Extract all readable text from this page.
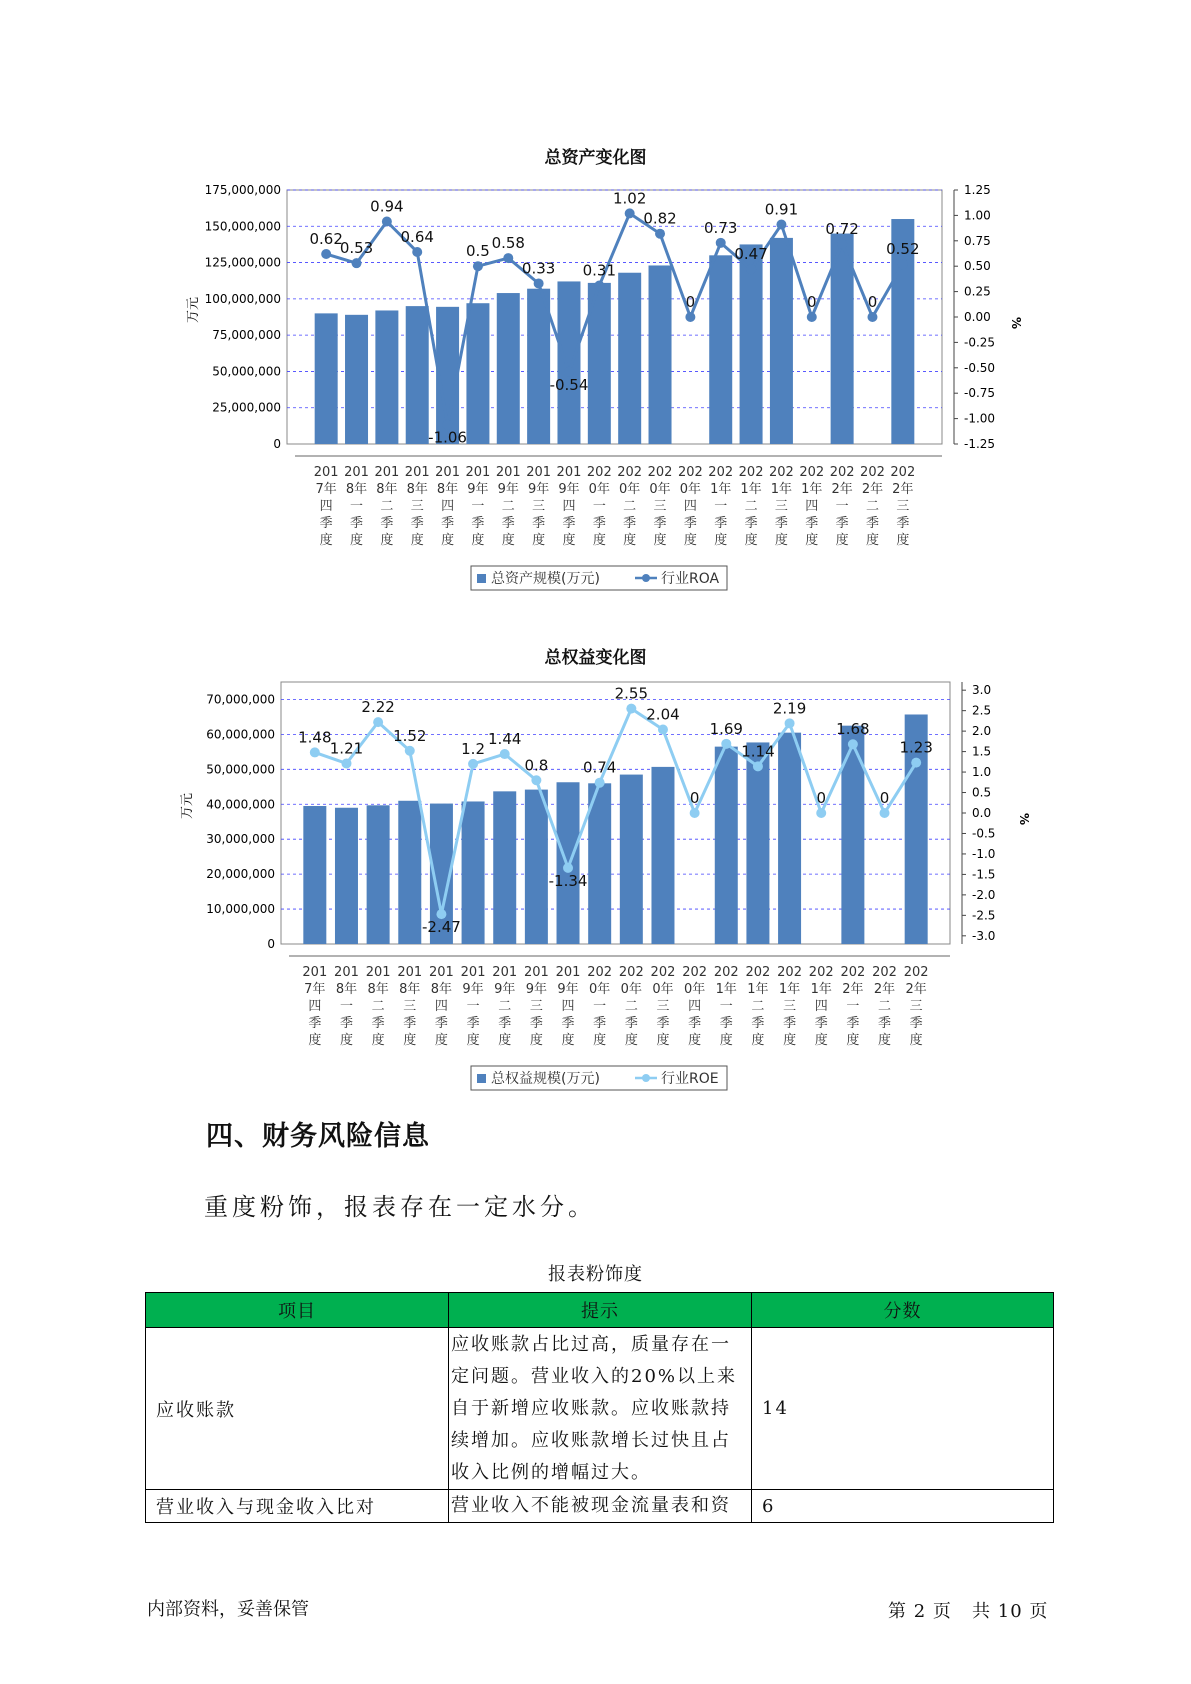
总资产变化图
0
25,000,000
50,000,000
75,000,000
100,000,000
125,000,000
150,000,000
175,000,000
-1.25
-1.00
-0.75
-0.50
-0.25
0.00
0.25
0.50
0.75
1.00
1.25
%
万元
201
7年
四
季
度
201
8年
一
季
度
201
8年
二
季
度
201
8年
三
季
度
201
8年
四
季
度
201
9年
一
季
度
201
9年
二
季
度
201
9年
三
季
度
201
9年
四
季
度
202
0年
一
季
度
202
0年
二
季
度
202
0年
三
季
度
202
0年
四
季
度
202
1年
一
季
度
202
1年
二
季
度
202
1年
三
季
度
202
1年
四
季
度
202
2年
一
季
度
202
2年
二
季
度
202
2年
三
季
度
0.62
0.53
0.94
0.64
-1.06
0.5 0.58
0.33
-0.54
0.31
1.02
0.82
0
0.73
0.47
0.91
0
0.72
0
0.52
总资产规模(万元)	行业ROA
总权益变化图
0
10,000,000
20,000,000
30,000,000
40,000,000
50,000,000
60,000,000
70,000,000
-3.0
-2.5
-2.0
-1.5
-1.0
-0.5
0.0
0.5
1.0
1.5
2.0
2.5
3.0
%
万元
201
7年
四
季
度
201
8年
一
季
度
201
8年
二
季
度
201
8年
三
季
度
201
8年
四
季
度
201
9年
一
季
度
201
9年
二
季
度
201
9年
三
季
度
201
9年
四
季
度
202
0年
一
季
度
202
0年
二
季
度
202
0年
三
季
度
202
0年
四
季
度
202
1年
一
季
度
202
1年
二
季
度
202
1年
三
季
度
202
1年
四
季
度
202
2年
一
季
度
202
2年
二
季
度
202
2年
三
季
度
1.48
1.21
2.22
1.52
-2.47
1.2
1.44
0.8
-1.34
0.74
2.55
2.04
0
1.69
1.14
2.19
0
1.68
0
1.23
总权益规模(万元)	行业ROE
四、财务风险信息
重度粉饰，报表存在一定水分。
报表粉饰度
项目	提示	分数
应收账款	应收账款占比过高，质量存在一定问题。营业收入的20%以上来自于新增应收账款。应收账款持续增加。应收账款增长过快且占收入比例的增幅过大。	14
营业收入与现金收入比对	营业收入不能被现金流量表和资	6
内部资料，妥善保管	第 2 页   共 10 页
